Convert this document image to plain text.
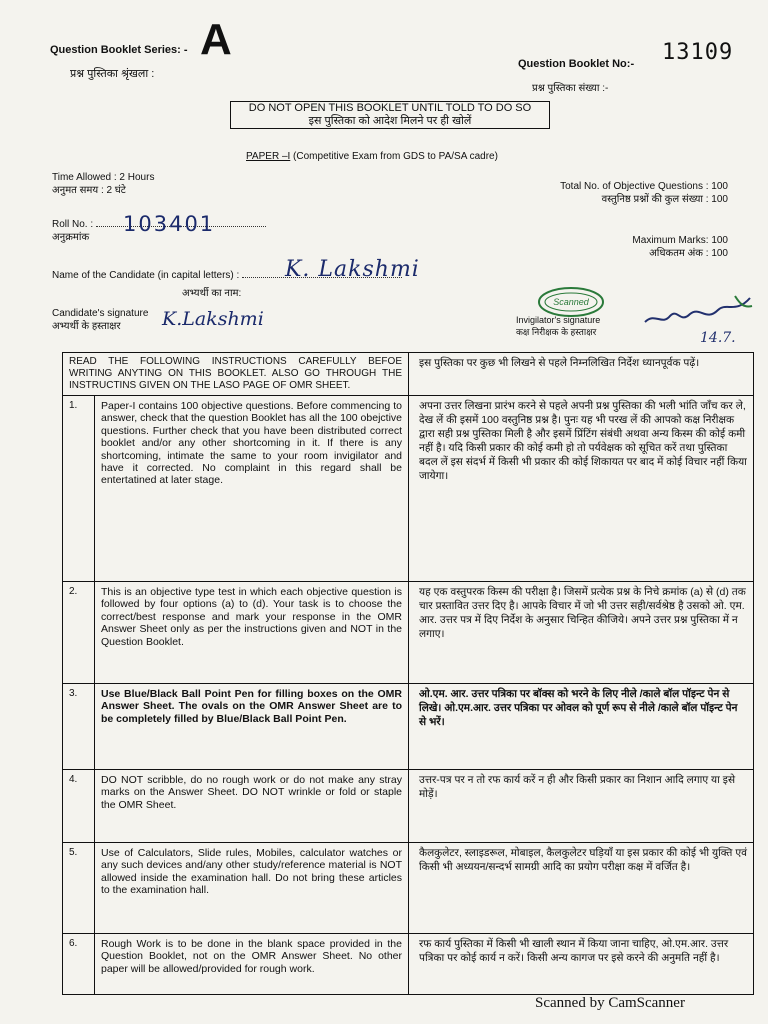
Question Booklet Series: - A
प्रश्न पुस्तिका श्रृंखला :
Question Booklet No:- 13109
प्रश्न पुस्तिका संख्या :-
DO NOT OPEN THIS BOOKLET UNTIL TOLD TO DO SO
इस पुस्तिका को आदेश मिलने पर ही खोलें
PAPER –I (Competitive Exam from GDS to PA/SA cadre)
Time Allowed : 2 Hours
अनुमत समय : 2 घंटे	Total No. of Objective Questions : 100
वस्तुनिष्ठ प्रश्नों की कुल संख्या : 100
Roll No. :
अनुक्रमांक
103401
Maximum Marks: 100
अधिकतम अंक : 100
Name of the Candidate (in capital letters) :
अभ्यर्थी का नाम:
K. Lakshmi
Candidate's signature
अभ्यर्थी के हस्ताक्षर	K.Lakshmi	Invigilator's signature
कक्ष निरीक्षक के हस्ताक्षर
Scanned
14.7.
READ THE FOLLOWING INSTRUCTIONS CAREFULLY BEFOE WRITING ANYTING ON THIS BOOKLET. ALSO GO THROUGH THE INSTRUCTINS GIVEN ON THE LASO PAGE OF OMR SHEET.
इस पुस्तिका पर कुछ भी लिखने से पहले निम्नलिखित निर्देश ध्यानपूर्वक पढ़ें।
1.	Paper-I contains 100 objective questions. Before commencing to answer, check that the question Booklet has all the 100 obejctive questions. Further check that you have been distributed correct booklet and/or any other shortcoming in it. If there is any shortcoming, intimate the same to your room invigilator and have it corrected. No complaint in this regard shall be entertatined at later stage.
अपना उत्तर लिखना प्रारंभ करने से पहले अपनी प्रश्न पुस्तिका की भली भांति जाँच कर ले, देख लें की इसमें 100 वस्तुनिष्ठ प्रश्न है। पुनः यह भी परख लें की आपको कक्ष निरीक्षक द्वारा सही प्रश्न पुस्तिका मिली है और इसमें प्रिंटिंग संबंधी अथवा अन्य किस्म की कोई कमी नहीं है। यदि किसी प्रकार की कोई कमी हो तो पर्यवेक्षक को सूचित करें तथा पुस्तिका बदल लें इस संदर्भ में किसी भी प्रकार की कोई शिकायत पर बाद में कोई विचार नहीं किया जायेगा।
2.	This is an objective type test in which each objective question is followed by four options (a) to (d). Your task is to choose the correct/best response and mark your response in the OMR Answer Sheet only as per the instructions given and NOT in the Question Booklet.
यह एक वस्तुपरक किस्म की परीक्षा है। जिसमें प्रत्येक प्रश्न के निचे क्रमांक (a) से (d) तक चार प्रस्तावित उत्तर दिए है। आपके विचार में जो भी उत्तर सही/सर्वश्रेष्ठ है उसको ओ. एम. आर. उत्तर पत्र में दिए निर्देश के अनुसार चिन्हित कीजिये। अपने उत्तर प्रश्न पुस्तिका में न लगाए।
3.	Use Blue/Black Ball Point Pen for filling boxes on the OMR Answer Sheet. The ovals on the OMR Answer Sheet are to be completely filled by Blue/Black Ball Point Pen.
ओ.एम. आर. उत्तर पत्रिका पर बॉक्स को भरने के लिए नीले /काले बॉल पॉइन्ट पेन से लिखे। ओ.एम.आर. उत्तर पत्रिका पर ओवल को पूर्ण रूप से नीले /काले बॉल पॉइन्ट पेन से भरें।
4.	DO NOT scribble, do no rough work or do not make any stray marks on the Answer Sheet. DO NOT wrinkle or fold or staple the OMR Sheet.
उत्तर-पत्र पर न तो रफ कार्य करें न ही और किसी प्रकार का निशान आदि लगाए या इसे मोड़ें।
5.	Use of Calculators, Slide rules, Mobiles, calculator watches or any such devices and/any other study/reference material is NOT allowed inside the examination hall. Do not bring these articles to the examination hall.
कैलकुलेटर, स्लाइडरूल, मोबाइल, कैलकुलेटर घड़ियाँ या इस प्रकार की कोई भी युक्ति एवं किसी भी अध्ययन/सन्दर्भ सामग्री आदि का प्रयोग परीक्षा कक्ष में वर्जित है।
6.	Rough Work is to be done in the blank space provided in the Question Booklet, not on the OMR Answer Sheet. No other paper will be allowed/provided for rough work.
रफ कार्य पुस्तिका में किसी भी खाली स्थान में किया जाना चाहिए, ओ.एम.आर. उत्तर पत्रिका पर कोई कार्य न करें। किसी अन्य कागज पर इसे करने की अनुमति नहीं है।
Scanned by CamScanner
